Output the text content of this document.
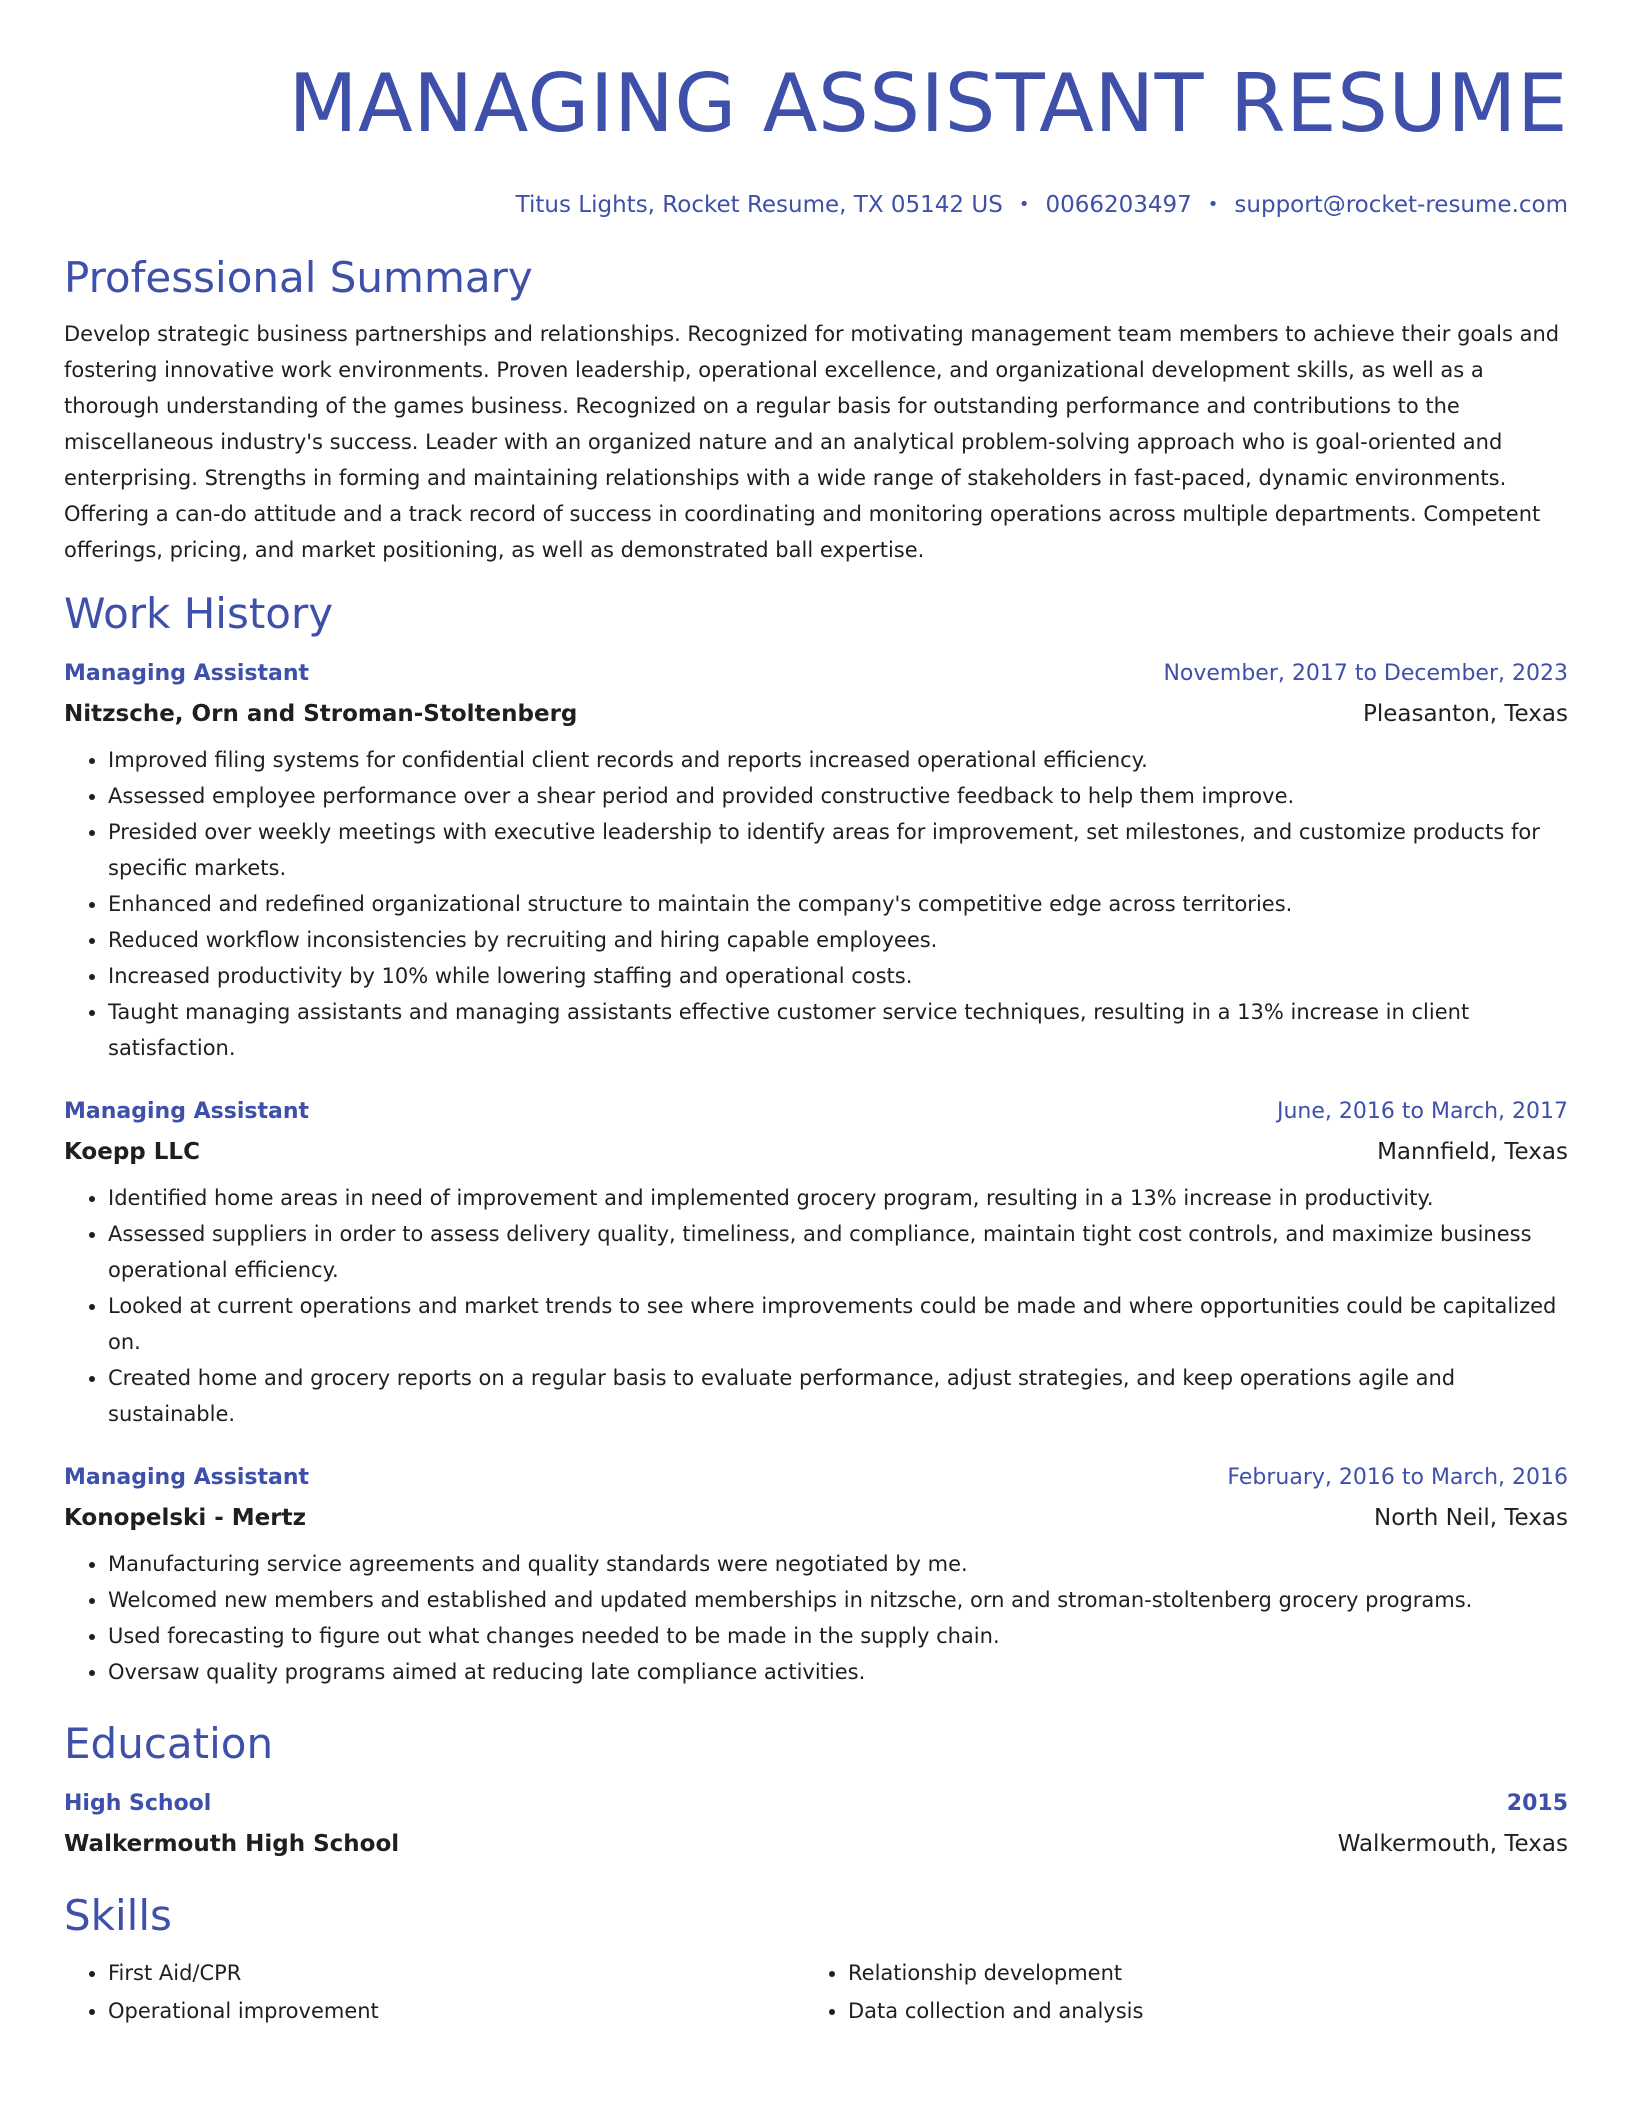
MANAGING ASSISTANT RESUME
Titus Lights, Rocket Resume, TX 05142 US • 0066203497 • support@rocket-resume.com
Professional Summary
Develop strategic business partnerships and relationships. Recognized for motivating management team members to achieve their goals and fostering innovative work environments. Proven leadership, operational excellence, and organizational development skills, as well as a thorough understanding of the games business. Recognized on a regular basis for outstanding performance and contributions to the miscellaneous industry's success. Leader with an organized nature and an analytical problem-solving approach who is goal-oriented and enterprising. Strengths in forming and maintaining relationships with a wide range of stakeholders in fast-paced, dynamic environments. Offering a can-do attitude and a track record of success in coordinating and monitoring operations across multiple departments. Competent offerings, pricing, and market positioning, as well as demonstrated ball expertise.
Work History
Managing Assistant	November, 2017 to December, 2023
Nitzsche, Orn and Stroman-Stoltenberg	Pleasanton, Texas
• Improved filing systems for confidential client records and reports increased operational efficiency.
• Assessed employee performance over a shear period and provided constructive feedback to help them improve.
• Presided over weekly meetings with executive leadership to identify areas for improvement, set milestones, and customize products for specific markets.
• Enhanced and redefined organizational structure to maintain the company's competitive edge across territories.
• Reduced workflow inconsistencies by recruiting and hiring capable employees.
• Increased productivity by 10% while lowering staffing and operational costs.
• Taught managing assistants and managing assistants effective customer service techniques, resulting in a 13% increase in client satisfaction.
Managing Assistant	June, 2016 to March, 2017
Koepp LLC	Mannfield, Texas
• Identified home areas in need of improvement and implemented grocery program, resulting in a 13% increase in productivity.
• Assessed suppliers in order to assess delivery quality, timeliness, and compliance, maintain tight cost controls, and maximize business operational efficiency.
• Looked at current operations and market trends to see where improvements could be made and where opportunities could be capitalized on.
• Created home and grocery reports on a regular basis to evaluate performance, adjust strategies, and keep operations agile and sustainable.
Managing Assistant	February, 2016 to March, 2016
Konopelski - Mertz	North Neil, Texas
• Manufacturing service agreements and quality standards were negotiated by me.
• Welcomed new members and established and updated memberships in nitzsche, orn and stroman-stoltenberg grocery programs.
• Used forecasting to figure out what changes needed to be made in the supply chain.
• Oversaw quality programs aimed at reducing late compliance activities.
Education
High School	2015
Walkermouth High School	Walkermouth, Texas
Skills
• First Aid/CPR
• Operational improvement
• Relationship development
• Data collection and analysis
